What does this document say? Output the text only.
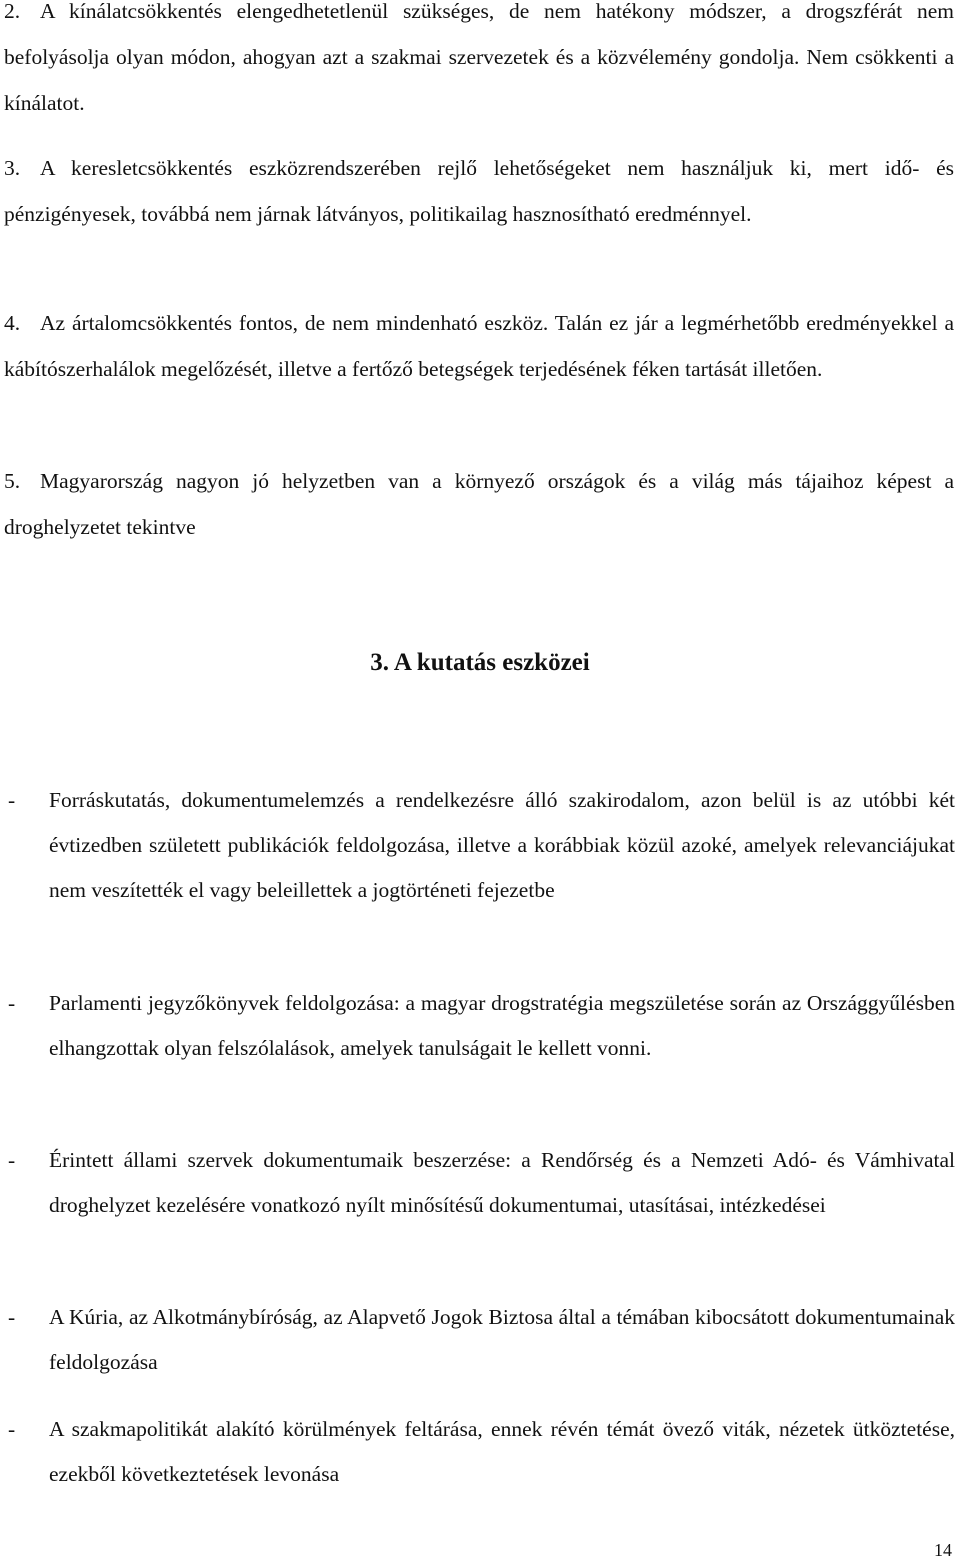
2. A kínálatcsökkentés elengedhetetlenül szükséges, de nem hatékony módszer, a drogszférát nem befolyásolja olyan módon, ahogyan azt a szakmai szervezetek és a közvélemény gondolja. Nem csökkenti a kínálatot.

3. A keresletcsökkentés eszközrendszerében rejlő lehetőségeket nem használjuk ki, mert idő- és pénzigényesek, továbbá nem járnak látványos, politikailag hasznosítható eredménnyel.

4. Az ártalomcsökkentés fontos, de nem mindenható eszköz. Talán ez jár a legmérhetőbb eredményekkel a kábítószerhalálok megelőzését, illetve a fertőző betegségek terjedésének féken tartását illetően.

5. Magyarország nagyon jó helyzetben van a környező országok és a világ más tájaihoz képest a droghelyzetet tekintve

3. A kutatás eszközei
- Forráskutatás, dokumentumelemzés a rendelkezésre álló szakirodalom, azon belül is az utóbbi két évtizedben született publikációk feldolgozása, illetve a korábbiak közül azoké, amelyek relevanciájukat nem veszítették el vagy beleillettek a jogtörténeti fejezetbe
- Parlamenti jegyzőkönyvek feldolgozása: a magyar drogstratégia megszületése során az Országgyűlésben elhangzottak olyan felszólalások, amelyek tanulságait le kellett vonni.
- Érintett állami szervek dokumentumaik beszerzése: a Rendőrség és a Nemzeti Adó- és Vámhivatal droghelyzet kezelésére vonatkozó nyílt minősítésű dokumentumai, utasításai, intézkedései
- A Kúria, az Alkotmánybíróság, az Alapvető Jogok Biztosa által a témában kibocsátott dokumentumainak feldolgozása
- A szakmapolitikát alakító körülmények feltárása, ennek révén témát övező viták, nézetek ütköztetése, ezekből következtetések levonása
14
